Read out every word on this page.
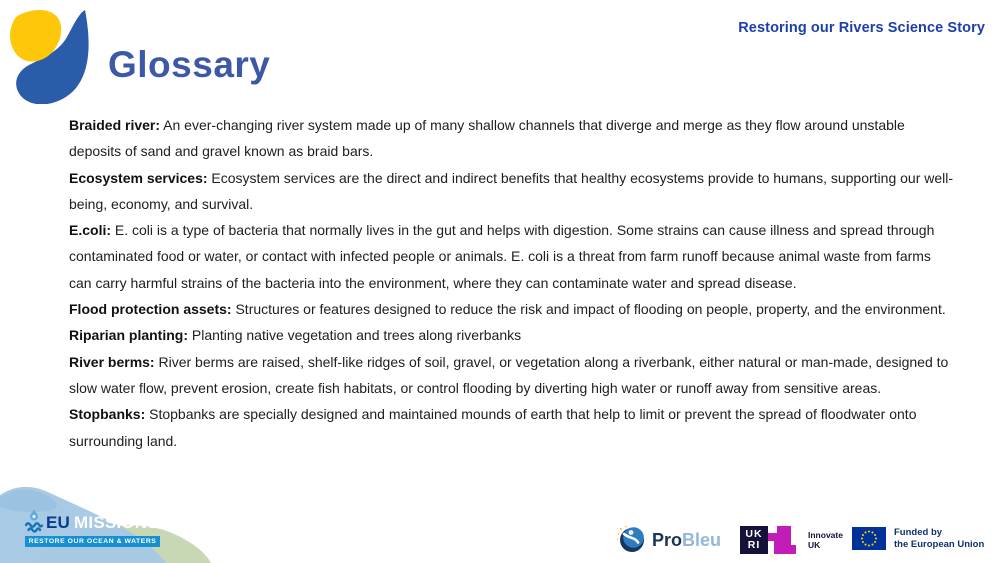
Restoring our Rivers Science Story
Glossary

Braided river: An ever-changing river system made up of many shallow channels that diverge and merge as they flow around unstable deposits of sand and gravel known as braid bars.

Ecosystem services: Ecosystem services are the direct and indirect benefits that healthy ecosystems provide to humans, supporting our well-being, economy, and survival.

E.coli: E. coli is a type of bacteria that normally lives in the gut and helps with digestion. Some strains can cause illness and spread through contaminated food or water, or contact with infected people or animals. E. coli is a threat from farm runoff because animal waste from farms can carry harmful strains of the bacteria into the environment, where they can contaminate water and spread disease.

Flood protection assets: Structures or features designed to reduce the risk and impact of flooding on people, property, and the environment.

Riparian planting: Planting native vegetation and trees along riverbanks

River berms: River berms are raised, shelf-like ridges of soil, gravel, or vegetation along a riverbank, either natural or man-made, designed to slow water flow, prevent erosion, create fish habitats, or control flooding by diverting high water or runoff away from sensitive areas.

Stopbanks: Stopbanks are specially designed and maintained mounds of earth that help to limit or prevent the spread of floodwater onto surrounding land.

EU MISSIONS
RESTORE OUR OCEAN & WATERS	ProBleu UK
RI
Innovate
UK
Funded by
the European Union
